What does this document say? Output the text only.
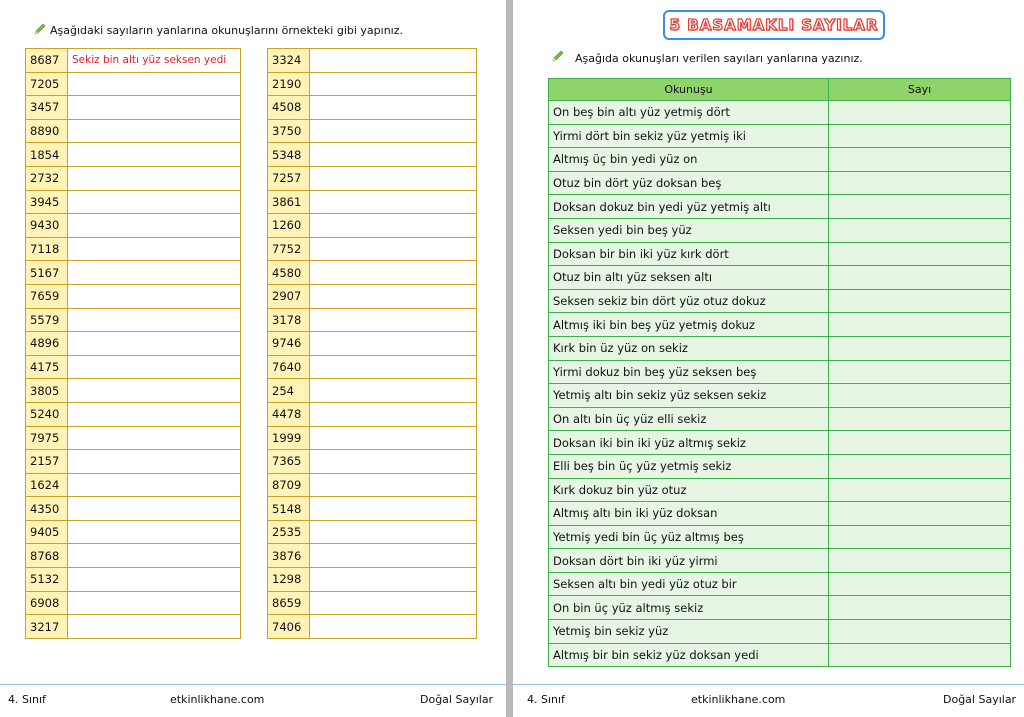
Aşağıdaki sayıların yanlarına okunuşlarını örnekteki gibi yapınız.
8687	Sekiz bin altı yüz seksen yedi
7205	
3457	
8890	
1854	
2732	
3945	
9430	
7118	
5167	
7659	
5579	
4896	
4175	
3805	
5240	
7975	
2157	
1624	
4350	
9405	
8768	
5132	
6908	
3217	
3324	
2190	
4508	
3750	
5348	
7257	
3861	
1260	
7752	
4580	
2907	
3178	
9746	
7640	
254	
4478	
1999	
7365	
8709	
5148	
2535	
3876	
1298	
8659	
7406	
4. Sınıf	etkinlikhane.com	Doğal Sayılar
5 BASAMAKLI SAYILAR
Aşağıda okunuşları verilen sayıları yanlarına yazınız.
Okunuşu	Sayı
On beş bin altı yüz yetmiş dört	
Yirmi dört bin sekiz yüz yetmiş iki	
Altmış üç bin yedi yüz on	
Otuz bin dört yüz doksan beş	
Doksan dokuz bin yedi yüz yetmiş altı	
Seksen yedi bin beş yüz	
Doksan bir bin iki yüz kırk dört	
Otuz bin altı yüz seksen altı	
Seksen sekiz bin dört yüz otuz dokuz	
Altmış iki bin beş yüz yetmiş dokuz	
Kırk bin üz yüz on sekiz	
Yirmi dokuz bin beş yüz seksen beş	
Yetmiş altı bin sekiz yüz seksen sekiz	
On altı bin üç yüz elli sekiz	
Doksan iki bin iki yüz altmış sekiz	
Elli beş bin üç yüz yetmiş sekiz	
Kırk dokuz bin yüz otuz	
Altmış altı bin iki yüz doksan	
Yetmiş yedi bin üç yüz altmış beş	
Doksan dört bin iki yüz yirmi	
Seksen altı bin yedi yüz otuz bir	
On bin üç yüz altmış sekiz	
Yetmiş bin sekiz yüz	
Altmış bir bin sekiz yüz doksan yedi	
4. Sınıf	etkinlikhane.com	Doğal Sayılar
